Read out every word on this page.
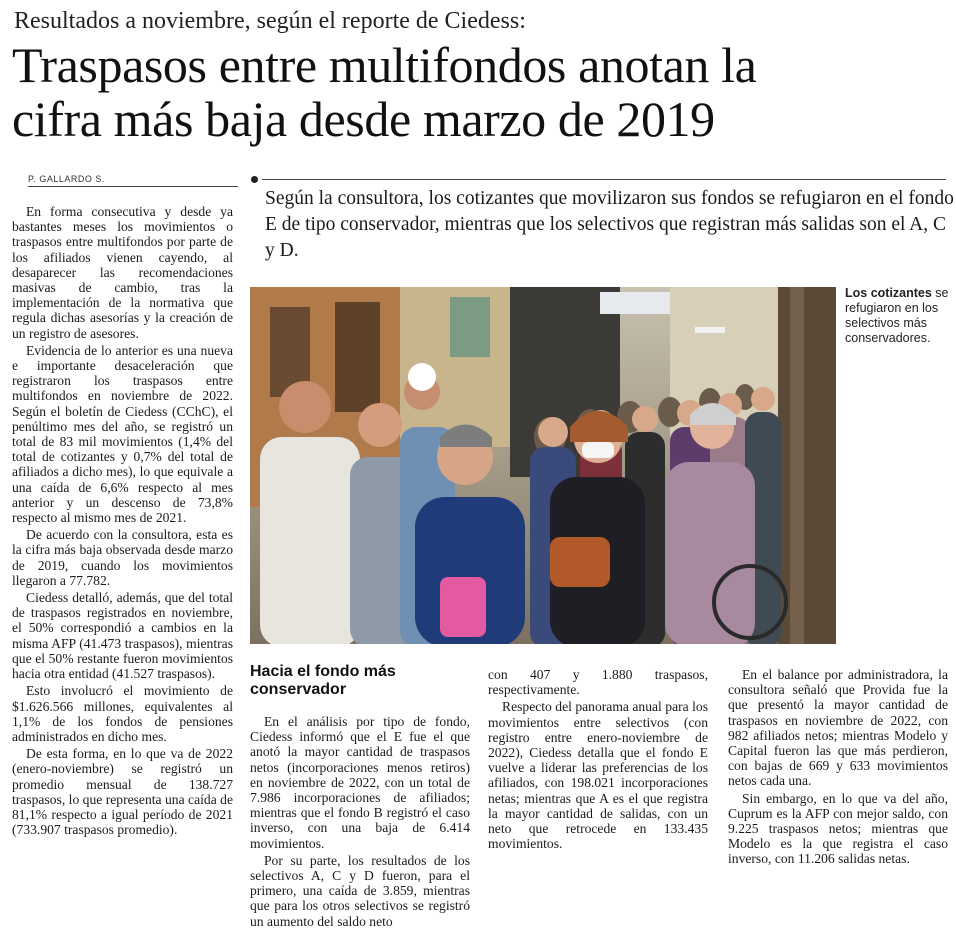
Resultados a noviembre, según el reporte de Ciedess:
Traspasos entre multifondos anotan la
cifra más baja desde marzo de 2019
P. GALLARDO S.
Según la consultora, los cotizantes que movilizaron sus fondos se refugiaron en el fondo E de tipo conservador, mientras que los selectivos que registran más salidas son el A, C y D.

En forma consecutiva y desde ya bastantes meses los movimientos o traspasos entre multifondos por parte de los afiliados vienen cayendo, al desaparecer las recomendaciones masivas de cambio, tras la implementación de la normativa que regula dichas asesorías y la creación de un registro de asesores.

Evidencia de lo anterior es una nueva e importante desaceleración que registraron los traspasos entre multifondos en noviembre de 2022. Según el boletín de Ciedess (CChC), el penúltimo mes del año, se registró un total de 83 mil movimientos (1,4% del total de cotizantes y 0,7% del total de afiliados a dicho mes), lo que equivale a una caída de 6,6% respecto al mes anterior y un descenso de 73,8% respecto al mismo mes de 2021.

De acuerdo con la consultora, esta es la cifra más baja observada desde marzo de 2019, cuando los movimientos llegaron a 77.782.

Ciedess detalló, además, que del total de traspasos registrados en noviembre, el 50% correspondió a cambios en la misma AFP (41.473 traspasos), mientras que el 50% restante fueron movimientos hacia otra entidad (41.527 traspasos).

Esto involucró el movimiento de $1.626.566 millones, equivalentes al 1,1% de los fondos de pensiones administrados en dicho mes.

De esta forma, en lo que va de 2022 (enero-noviembre) se registró un promedio mensual de 138.727 traspasos, lo que representa una caída de 81,1% respecto a igual período de 2021 (733.907 traspasos promedio).

Los cotizantes se refugiaron en los selectivos más conservadores.
Hacia el fondo más conservador

En el análisis por tipo de fondo, Ciedess informó que el E fue el que anotó la mayor cantidad de traspasos netos (incorporaciones menos retiros) en noviembre de 2022, con un total de 7.986 incorporaciones de afiliados; mientras que el fondo B registró el caso inverso, con una baja de 6.414 movimientos.

Por su parte, los resultados de los selectivos A, C y D fueron, para el primero, una caída de 3.859, mientras que para los otros selectivos se registró un aumento del saldo neto

con 407 y 1.880 traspasos, respectivamente.

Respecto del panorama anual para los movimientos entre selectivos (con registro entre enero-noviembre de 2022), Ciedess detalla que el fondo E vuelve a liderar las preferencias de los afiliados, con 198.021 incorporaciones netas; mientras que A es el que registra la mayor cantidad de salidas, con un neto que retrocede en 133.435 movimientos.

En el balance por administradora, la consultora señaló que Provida fue la que presentó la mayor cantidad de traspasos en noviembre de 2022, con 982 afiliados netos; mientras Modelo y Capital fueron las que más perdieron, con bajas de 669 y 633 movimientos netos cada una.

Sin embargo, en lo que va del año, Cuprum es la AFP con mejor saldo, con 9.225 traspasos netos; mientras que Modelo es la que registra el caso inverso, con 11.206 salidas netas.
